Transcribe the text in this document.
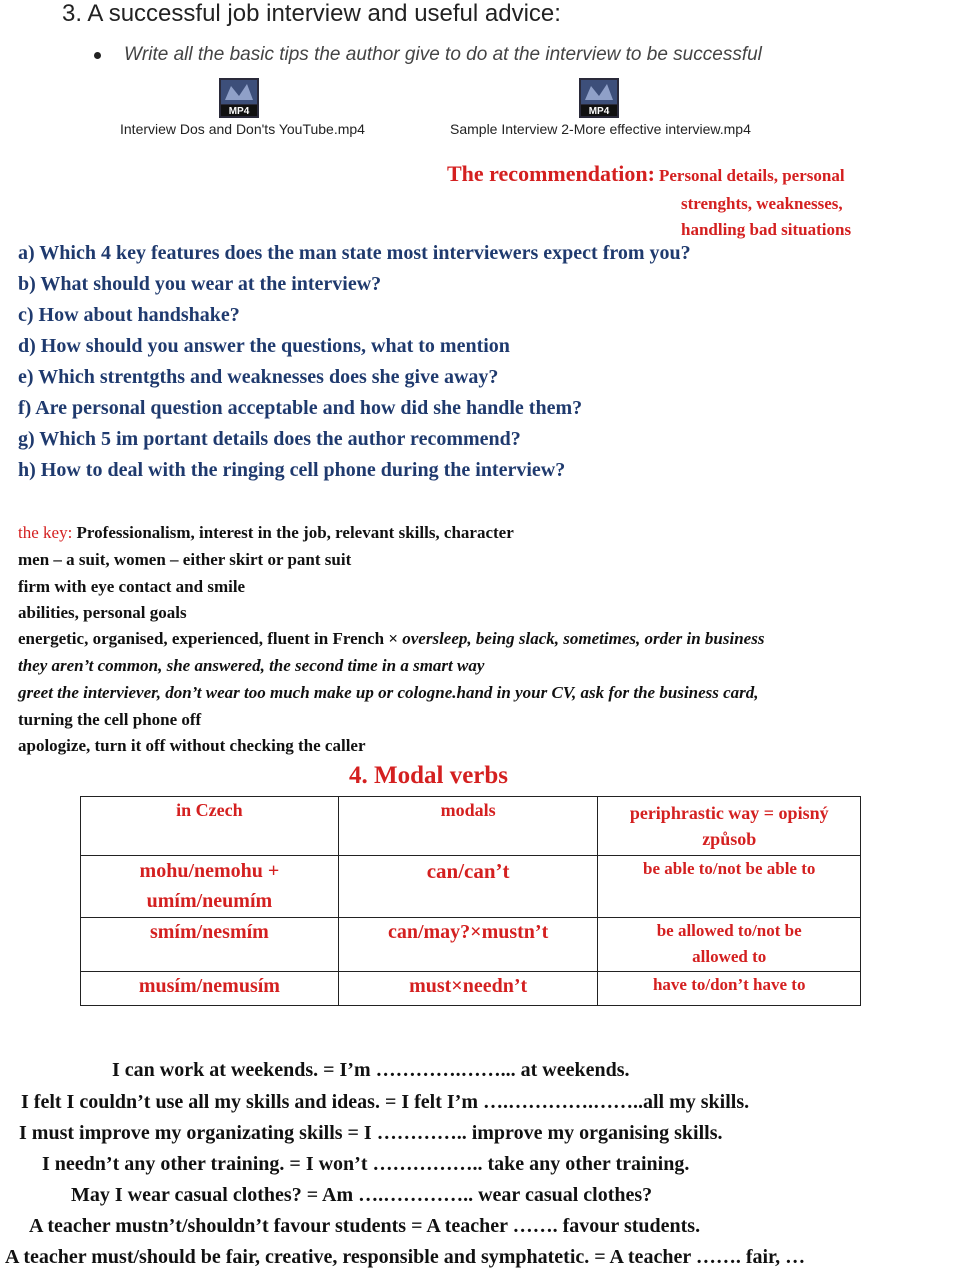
3. A successful job interview and useful advice:
Write all the basic tips the author give to do at the interview to be successful
MP4
Interview Dos and Don'ts YouTube.mp4
MP4
Sample Interview 2-More effective interview.mp4
The recommendation: Personal details, personal
strenghts, weaknesses,
handling bad situations
a) Which 4 key features does the man state most interviewers expect from you?
b) What should you wear at the interview?
c) How about handshake?
d) How should you answer the questions, what to mention
e) Which strentgths and weaknesses does she give away?
f) Are personal question acceptable and how did she handle them?
g) Which 5 im portant details does the author recommend?
h) How to deal with the ringing cell phone during the interview?
the key: Professionalism, interest in the job, relevant skills, character
men – a suit, women – either skirt or pant suit
firm with eye contact and smile
abilities, personal goals
energetic, organised, experienced, fluent in French × oversleep, being slack, sometimes, order in business
they aren’t common, she answered, the second time in a smart way
greet the interviever, don’t wear too much make up or cologne.hand in your CV, ask for the business card,
turning the cell phone off
apologize, turn it off without checking the caller
4. Modal verbs
in Czech	modals	periphrastic way = opisný způsob
mohu/nemohu + umím/neumím	can/can’t	be able to/not be able to
smím/nesmím	can/may?×mustn’t	be allowed to/not be allowed to
musím/nemusím	must×needn’t	have to/don’t have to
I can work at weekends. = I’m ………….……... at weekends.
I felt I couldn’t use all my skills and ideas. = I felt I’m ….………….……..all my skills.
I must improve my organizating skills = I ………….. improve my organising skills.
I needn’t any other training. = I won’t …………….. take any other training.
May I wear casual clothes? = Am ….………….. wear casual clothes?
A teacher mustn’t/shouldn’t favour students = A teacher ……. favour students.
A teacher must/should be fair, creative, responsible and symphatetic. = A teacher ……. fair, …
